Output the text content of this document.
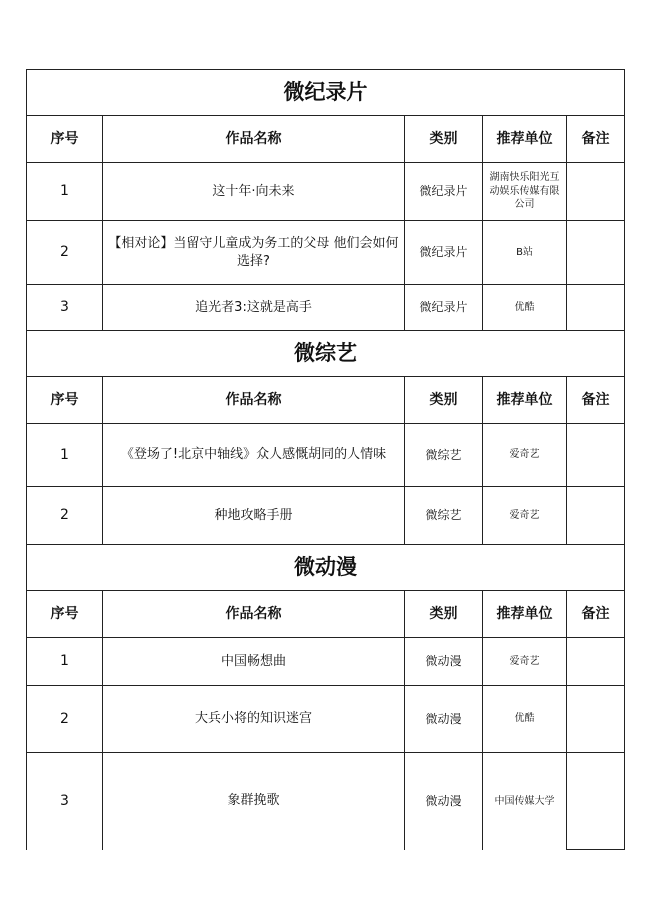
微纪录片				
序号	作品名称	类别	推荐单位	备注
1	这十年·向未来	微纪录片	湖南快乐阳光互动娱乐传媒有限公司	
2	【相对论】当留守儿童成为务工的父母 他们会如何选择?	微纪录片	B站	
3	追光者3:这就是高手	微纪录片	优酷	
微综艺				
序号	作品名称	类别	推荐单位	备注
1	《登场了!北京中轴线》众人感慨胡同的人情味	微综艺	爱奇艺	
2	种地攻略手册	微综艺	爱奇艺	
微动漫				
序号	作品名称	类别	推荐单位	备注
1	中国畅想曲	微动漫	爱奇艺	
2	大兵小将的知识迷宫	微动漫	优酷	
3	象群挽歌	微动漫	中国传媒大学	
